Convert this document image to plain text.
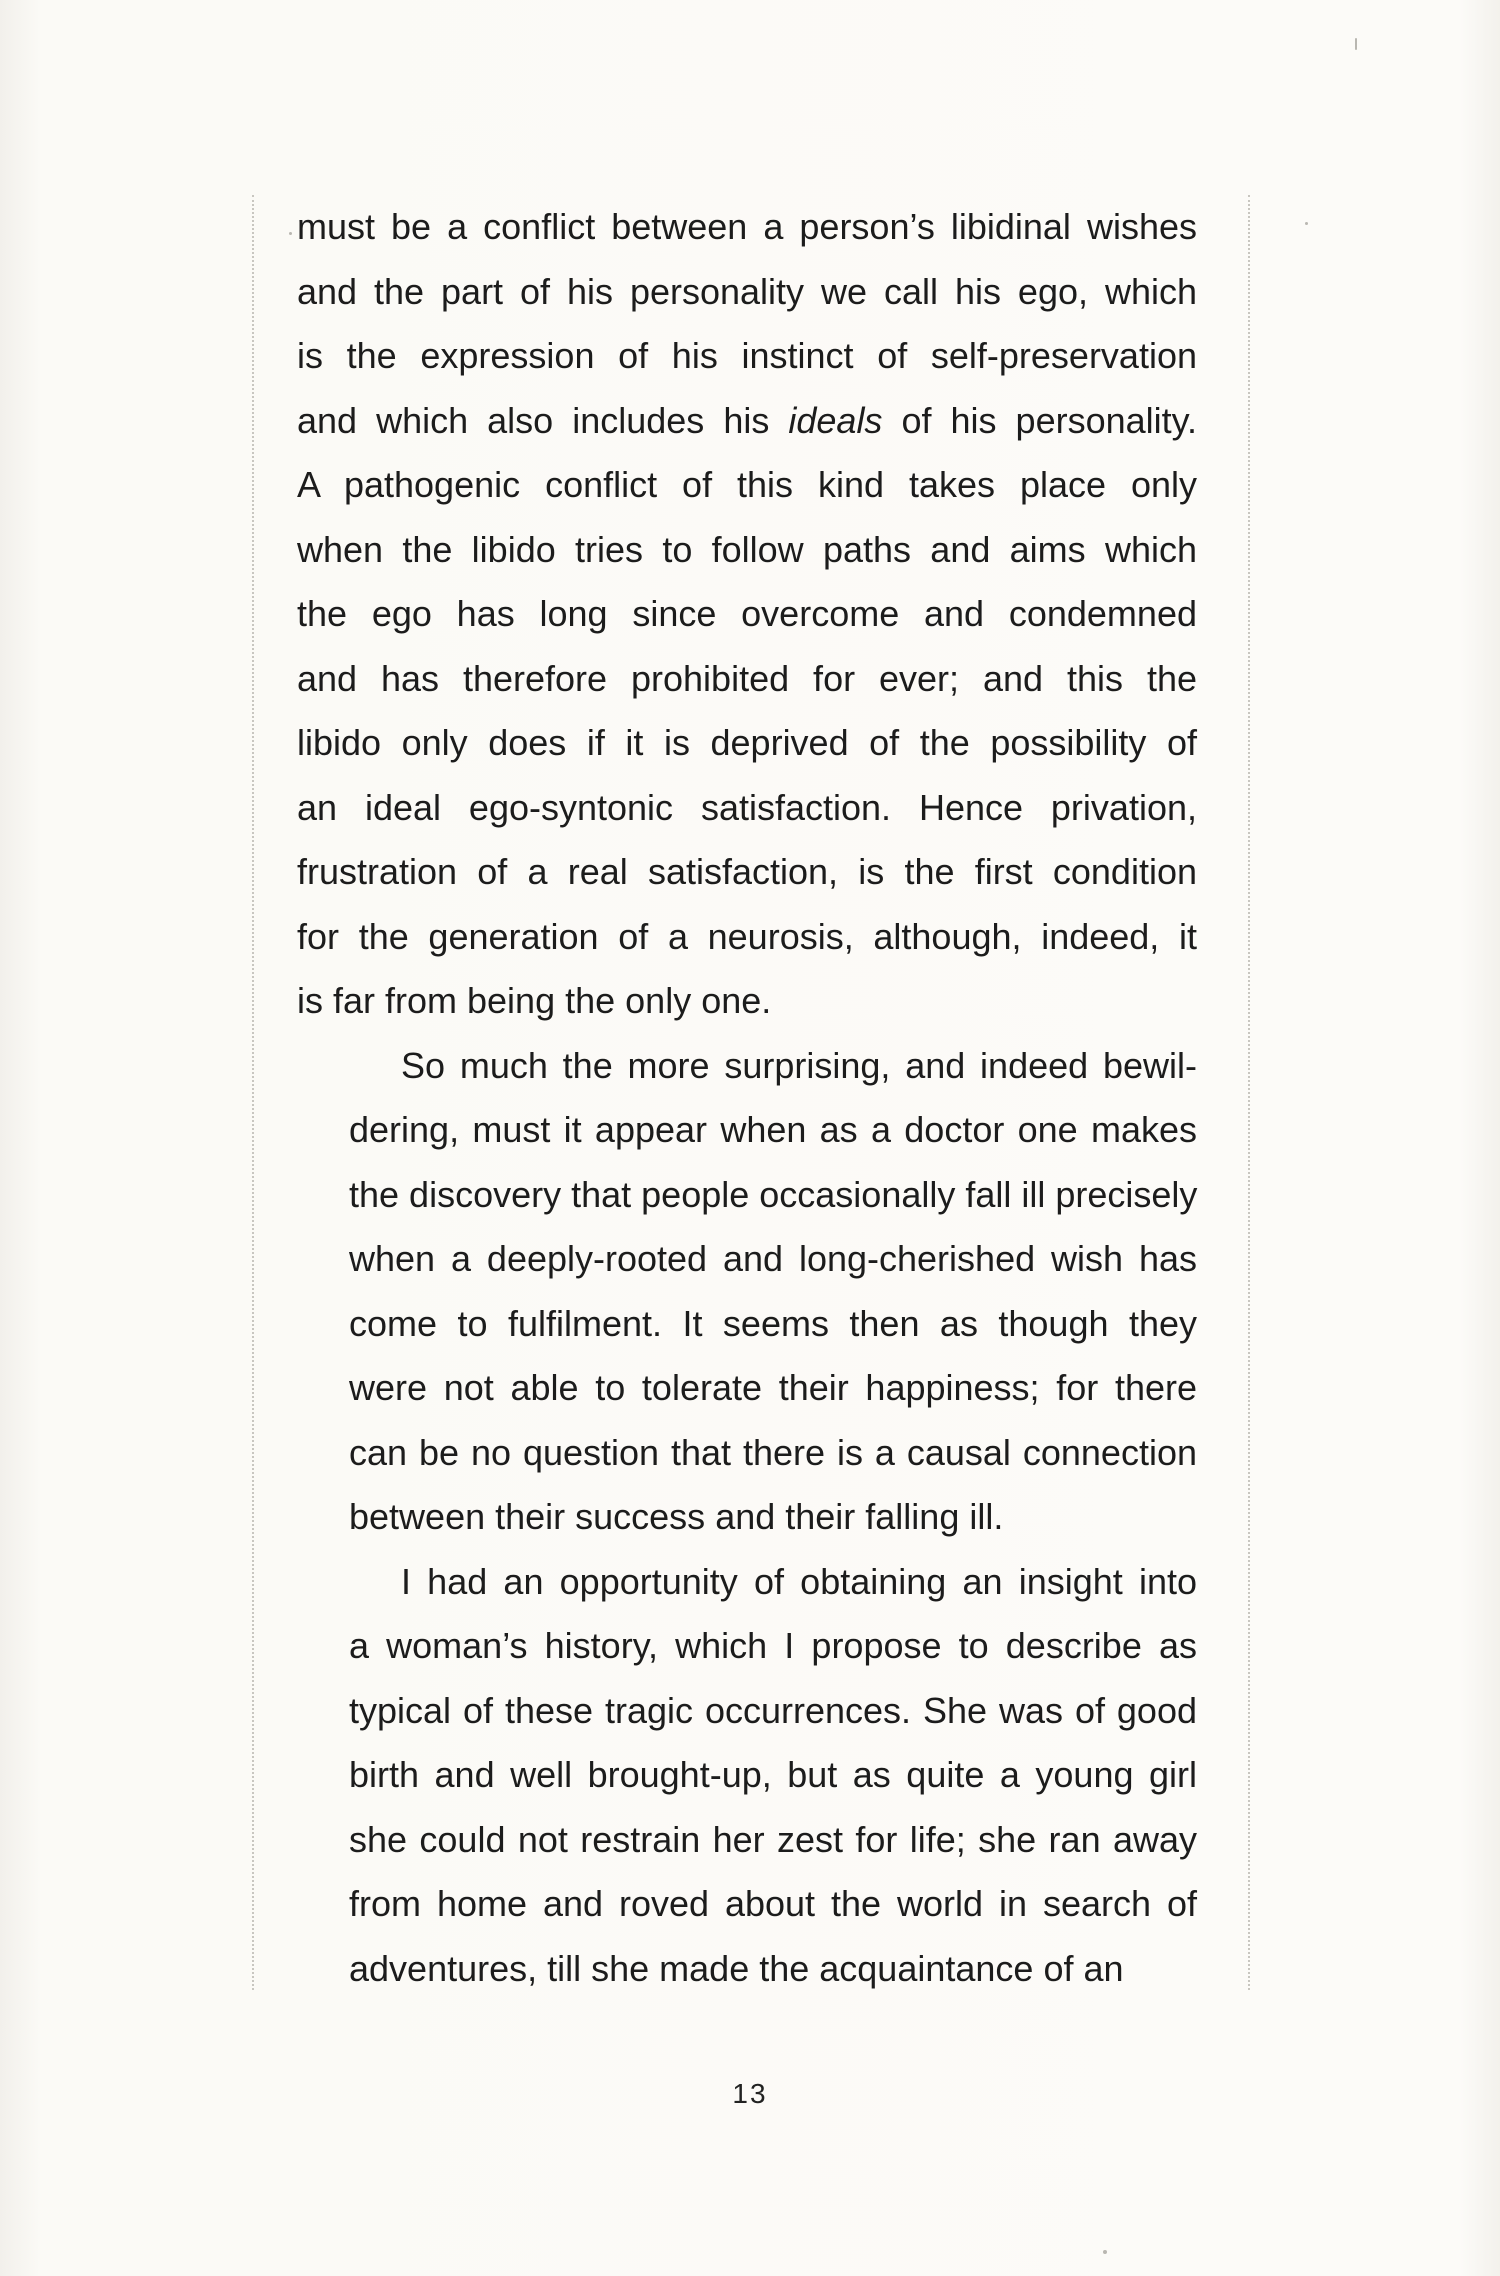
must be a conflict between a person’s libidinal wishes
and the part of his personality we call his ego, which
is the expression of his instinct of self-preservation
and which also includes his ideals of his personality.
A pathogenic conflict of this kind takes place only
when the libido tries to follow paths and aims which
the ego has long since overcome and condemned
and has therefore prohibited for ever; and this the
libido only does if it is deprived of the possibility of
an ideal ego-syntonic satisfaction. Hence privation,
frustration of a real satisfaction, is the first condition
for the generation of a neurosis, although, indeed, it
is far from being the only one.

So much the more surprising, and indeed bewil-
dering, must it appear when as a doctor one makes
the discovery that people occasionally fall ill precisely
when a deeply-rooted and long-cherished wish has
come to fulfilment. It seems then as though they
were not able to tolerate their happiness; for there
can be no question that there is a causal connection
between their success and their falling ill.

I had an opportunity of obtaining an insight into
a woman’s history, which I propose to describe as
typical of these tragic occurrences. She was of good
birth and well brought-up, but as quite a young girl
she could not restrain her zest for life; she ran away
from home and roved about the world in search of
adventures, till she made the acquaintance of an

13
